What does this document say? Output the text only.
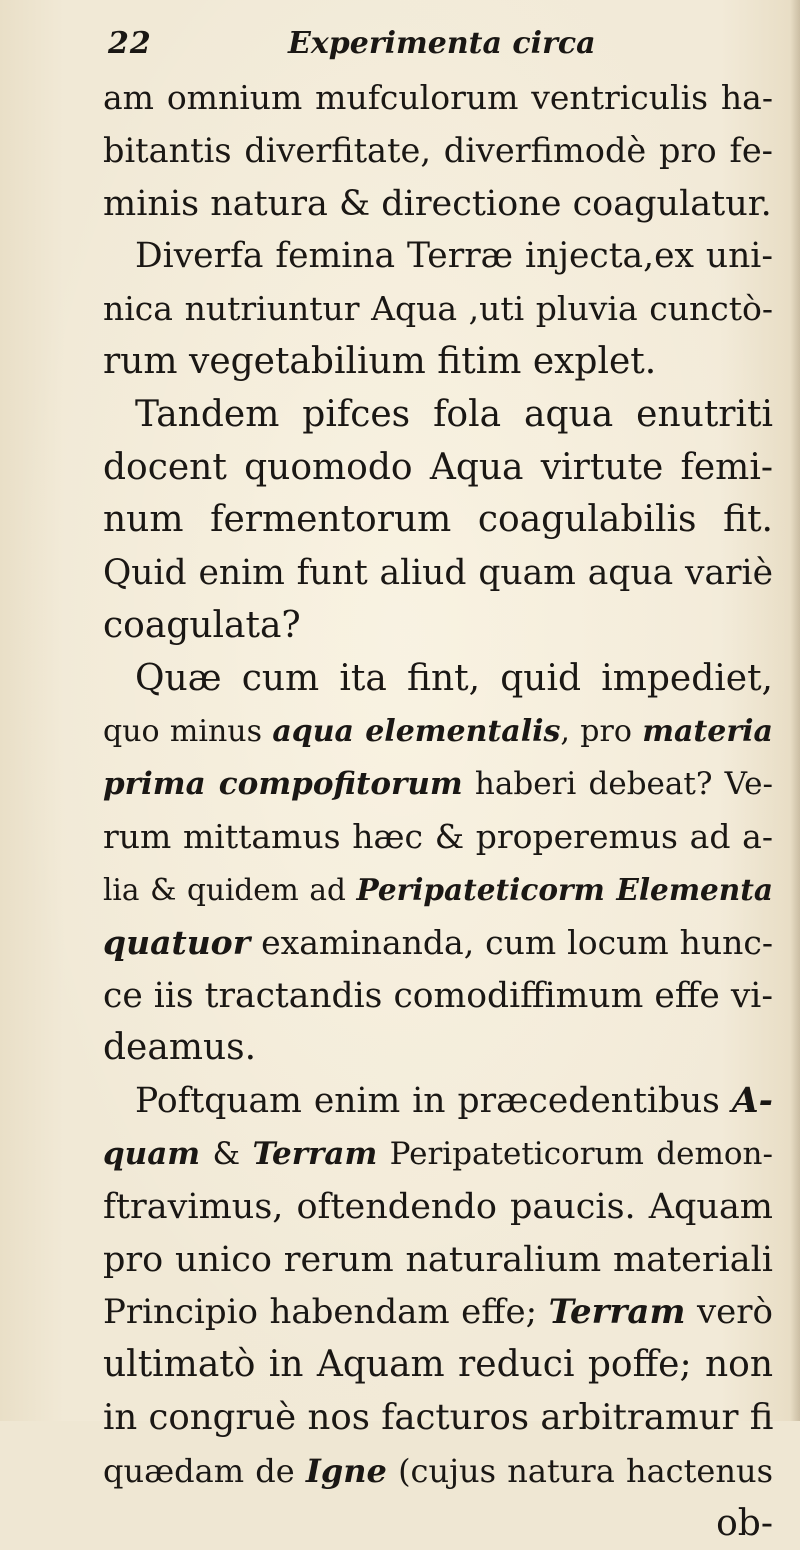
22	Experimenta circa
am omnium mufculorum ventriculis ha-
bitantis diverfitate, diverfimodè pro fe-
minis natura & directione coagulatur.
Diverfa femina Terræ injecta,ex uni-
nica nutriuntur Aqua ,uti pluvia cunctò-
rum vegetabilium fitim explet.
Tandem pifces fola aqua enutriti
docent quomodo Aqua virtute femi-
num fermentorum coagulabilis fit.
Quid enim funt aliud quam aqua variè
coagulata?
Quæ cum ita fint, quid impediet,
quo minus aqua elementalis, pro materia
prima compofitorum haberi debeat? Ve-
rum mittamus hæc & properemus ad a-
lia & quidem ad Peripateticorm Elementa
quatuor examinanda, cum locum hunc-
ce iis tractandis comodiffimum effe vi-
deamus.
Poftquam enim in præcedentibus A-
quam & Terram Peripateticorum demon-
ftravimus, oftendendo paucis. Aquam
pro unico rerum naturalium materiali
Principio habendam effe; Terram verò
ultimatò in Aquam reduci poffe; non
in congruè nos facturos arbitramur fi
quædam de Igne (cujus natura hactenus
ob-
